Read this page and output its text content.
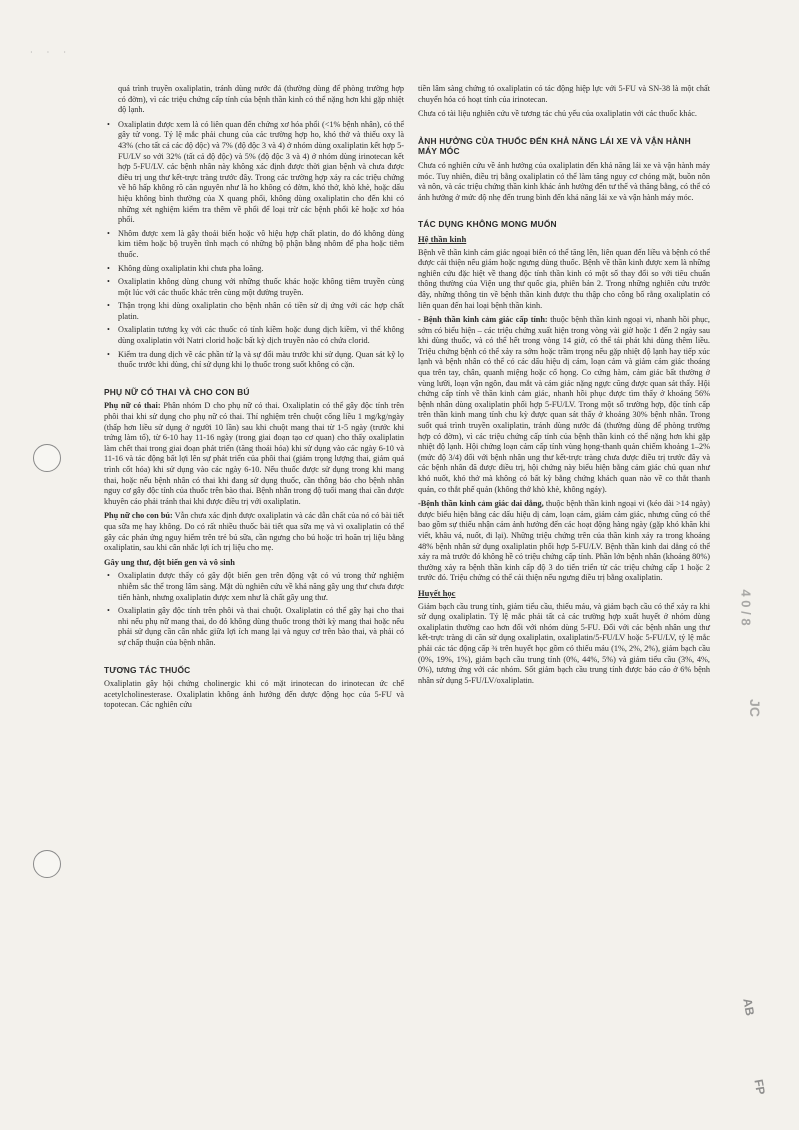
· · ·
4 0 / 8
JC
AB
FP

quá trình truyền oxaliplatin, tránh dùng nước đá (thường dùng để phòng trường hợp có đờm), vì các triệu chứng cấp tính của bệnh thần kinh có thể nặng hơn khi gặp nhiệt độ lạnh.

• Oxaliplatin được xem là có liên quan đến chứng xơ hóa phổi (<1% bệnh nhân), có thể gây tử vong. Tỷ lệ mắc phải chung của các trường hợp ho, khó thở và thiếu oxy là 43% (cho tất cả các độ độc) và 7% (độ độc 3 và 4) ở nhóm dùng oxaliplatin kết hợp 5-FU/LV so với 32% (tất cả độ độc) và 5% (độ độc 3 và 4) ở nhóm dùng irinotecan kết hợp 5-FU/LV. các bệnh nhân này không xác định được thời gian bệnh và chưa được điều trị ung thư kết-trực tràng trước đây. Trong các trường hợp xảy ra các triệu chứng về hô hấp không rõ căn nguyên như là ho không có đờm, khó thở, khò khè, hoặc dấu hiệu không bình thường của X quang phổi, không dùng oxaliplatin cho đến khi có những xét nghiệm kiểm tra thêm về phổi để loại trừ các bệnh phổi kẽ hoặc xơ hóa phổi.
• Nhôm được xem là gây thoái biến hoặc vô hiệu hợp chất platin, do đó không dùng kim tiêm hoặc bộ truyền tĩnh mạch có những bộ phận bằng nhôm để pha hoặc tiêm thuốc.
• Không dùng oxaliplatin khi chưa pha loãng.
• Oxaliplatin không dùng chung với những thuốc khác hoặc không tiêm truyền cùng một lúc với các thuốc khác trên cùng một đường truyền.
• Thận trọng khi dùng oxaliplatin cho bệnh nhân có tiền sử dị ứng với các hợp chất platin.
• Oxaliplatin tương kỵ với các thuốc có tính kiềm hoặc dung dịch kiềm, vì thế không dùng oxaliplatin với Natri clorid hoặc bất kỳ dịch truyền nào có chứa clorid.
• Kiểm tra dung dịch về các phần tử lạ và sự đổi màu trước khi sử dụng. Quan sát kỹ lọ thuốc trước khi dùng, chỉ sử dụng khi lọ thuốc trong suốt không có cặn.
PHỤ NỮ CÓ THAI VÀ CHO CON BÚ

Phụ nữ có thai: Phân nhóm D cho phụ nữ có thai. Oxaliplatin có thể gây độc tính trên phôi thai khi sử dụng cho phụ nữ có thai. Thí nghiệm trên chuột cống liều 1 mg/kg/ngày (thấp hơn liều sử dụng ở người 10 lần) sau khi chuột mang thai từ 1-5 ngày (trước khi trứng làm tổ), từ 6-10 hay 11-16 ngày (trong giai đoạn tạo cơ quan) cho thấy oxaliplatin làm chết thai trong giai đoạn phát triển (tăng thoái hóa) khi sử dụng vào các ngày 6-10 và 11-16 và tác động bất lợi lên sự phát triển của phôi thai (giảm trọng lượng thai, giảm quá trình cốt hóa) khi sử dụng vào các ngày 6-10. Nếu thuốc được sử dụng trong khi mang thai, hoặc nếu bệnh nhân có thai khi đang sử dụng thuốc, cần thông báo cho bệnh nhân nguy cơ gây độc tính của thuốc trên bào thai. Bệnh nhân trong độ tuổi mang thai cần được khuyên cáo phải tránh thai khi được điều trị với oxaliplatin.

Phụ nữ cho con bú: Vẫn chưa xác định được oxaliplatin và các dẫn chất của nó có bài tiết qua sữa mẹ hay không. Do có rất nhiều thuốc bài tiết qua sữa mẹ và vì oxaliplatin có thể gây các phản ứng nguy hiểm trên trẻ bú sữa, cần ngưng cho bú hoặc trì hoãn trị liệu bằng oxaliplatin, sau khi cân nhắc lợi ích trị liệu cho mẹ.

Gây ung thư, đột biến gen và vô sinh
• Oxaliplatin được thấy có gây đột biến gen trên động vật có vú trong thử nghiệm nhiễm sắc thể trong lâm sàng. Mặt dù nghiên cứu về khả năng gây ung thư chưa được tiến hành, nhưng oxaliplatin được xem như là chất gây ung thư.
• Oxaliplatin gây độc tính trên phôi và thai chuột. Oxaliplatin có thể gây hại cho thai nhi nếu phụ nữ mang thai, do đó không dùng thuốc trong thời kỳ mang thai hoặc nếu phải sử dụng cần cân nhắc giữa lợi ích mang lại và nguy cơ trên bào thai, và phải có sự chấp thuận của bệnh nhân.
TƯƠNG TÁC THUỐC

Oxaliplatin gây hội chứng cholinergic khi có mặt irinotecan do irinotecan ức chế acetylcholinesterase. Oxaliplatin không ảnh hưởng đến dược động học của 5-FU và topotecan. Các nghiên cứu

tiền lâm sàng chứng tỏ oxaliplatin có tác động hiệp lực với 5-FU và SN-38 là một chất chuyển hóa có hoạt tính của irinotecan.

Chưa có tài liệu nghiên cứu về tương tác chủ yếu của oxaliplatin với các thuốc khác.

ẢNH HƯỞNG CỦA THUỐC ĐẾN KHẢ NĂNG LÁI XE VÀ VẬN HÀNH MÁY MÓC

Chưa có nghiên cứu về ảnh hưởng của oxaliplatin đến khả năng lái xe và vận hành máy móc. Tuy nhiên, điều trị bằng oxaliplatin có thể làm tăng nguy cơ chóng mặt, buồn nôn và nôn, và các triệu chứng thần kinh khác ảnh hưởng đến tư thế và thăng bằng, có thể có ảnh hưởng ở mức độ nhẹ đến trung bình đến khả năng lái xe và vận hành máy móc.

TÁC DỤNG KHÔNG MONG MUỐN
Hệ thần kinh

Bệnh về thần kinh cảm giác ngoại biên có thể tăng lên, liên quan đến liều và bệnh có thể được cải thiện nếu giảm hoặc ngưng dùng thuốc. Bệnh về thần kinh được xem là những nghiên cứu đặc hiệt về thang độc tính thần kinh có một số thay đổi so với tiêu chuẩn thông thường của Viện ung thư quốc gia, phiên bản 2. Trong những nghiên cứu trước đây, những thông tin về bệnh thần kinh được thu thập cho công bố rằng oxaliplatin có liên quan đến hai loại bệnh thần kinh.

- Bệnh thần kinh cảm giác cấp tính: thuộc bệnh thần kinh ngoại vi, nhanh hồi phục, sớm có biểu hiện – các triệu chứng xuất hiện trong vòng vài giờ hoặc 1 đến 2 ngày sau khi dùng thuốc, và có thể hết trong vòng 14 giờ, có thể tái phát khi dùng thêm liều. Triệu chứng bệnh có thể xảy ra sớm hoặc trầm trọng nếu gặp nhiệt độ lạnh hay tiếp xúc lạnh và bệnh nhân có thể có các dấu hiệu dị cảm, loạn cảm và giảm cảm giác thoáng qua trên tay, chân, quanh miệng hoặc cổ họng. Co cứng hàm, cảm giác bất thường ở vùng lưỡi, loạn vận ngôn, đau mắt và cảm giác nặng ngực cũng được quan sát thấy. Hội chứng cấp tính về thần kinh cảm giác, nhanh hồi phục được tìm thấy ở khoảng 56% bệnh nhân dùng oxaliplatin phối hợp 5-FU/LV. Trong một số trường hợp, độc tính cấp trên thần kinh mang tính chu kỳ được quan sát thấy ở khoảng 30% bệnh nhân. Trong suốt quá trình truyền oxaliplatin, tránh dùng nước đá (thường dùng để phòng trường hợp có đờm), vì các triệu chứng cấp tính của bệnh thần kinh có thể nặng hơn khi gặp nhiệt độ lạnh. Hội chứng loạn cảm cấp tính vùng họng-thanh quản chiếm khoảng 1–2% (mức độ 3/4) đối với bệnh nhân ung thư kết-trực tràng chưa được điều trị trước đây và các bệnh nhân đã được điều trị, hội chứng này biểu hiện bằng cảm giác chủ quan như khó nuốt, khó thở mà không có bất kỳ bằng chứng khách quan nào về co thắt thanh quản, co thắt phế quản (không thở khò khè, không ngáy).

-Bệnh thần kinh cảm giác dai dẳng, thuộc bệnh thần kinh ngoại vi (kéo dài >14 ngày) được biểu hiện bằng các dấu hiệu dị cảm, loạn cảm, giảm cảm giác, nhưng cũng có thể bao gồm sự thiếu nhận cảm ảnh hưởng đến các hoạt động hàng ngày (gặp khó khăn khi viết, khâu vá, nuốt, đi lại). Những triệu chứng trên của thần kinh xảy ra trong khoảng 48% bệnh nhân sử dụng oxaliplatin phối hợp 5-FU/LV. Bệnh thần kinh dai dẳng có thể xảy ra mà trước đó không hề có triệu chứng cấp tính. Phần lớn bệnh nhân (khoảng 80%) thường xảy ra bệnh thần kinh cấp độ 3 do tiến triển từ các triệu chứng cấp 1 hoặc 2 trước đó. Triệu chứng có thể cải thiện nếu ngưng điều trị bằng oxaliplatin.

Huyết học

Giảm bạch cầu trung tính, giảm tiểu cầu, thiếu máu, và giảm bạch cầu có thể xảy ra khi sử dụng oxaliplatin. Tỷ lệ mắc phải tất cả các trường hợp xuất huyết ở nhóm dùng oxaliplatin thường cao hơn đối với nhóm dùng 5-FU. Đối với các bệnh nhân ung thư kết-trực tràng di căn sử dụng oxaliplatin, oxaliplatin/5-FU/LV hoặc 5-FU/LV, tỷ lệ mắc phải các tác động cấp ¾ trên huyết học gồm có thiếu máu (1%, 2%, 2%), giảm bạch cầu (0%, 19%, 1%), giảm bạch cầu trung tính (0%, 44%, 5%) và giảm tiểu cầu (3%, 4%, 0%), tương ứng với các nhóm. Sốt giảm bạch cầu trung tính được báo cáo ở 6% bệnh nhân sử dụng 5-FU/LV/oxaliplatin.
